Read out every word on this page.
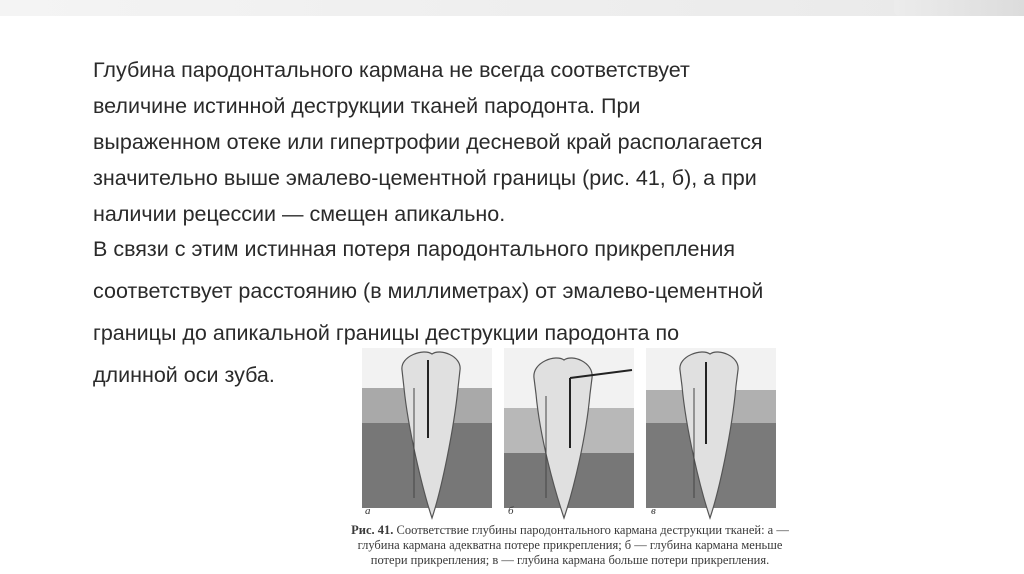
Глубина пародонтального кармана не всегда соответствует
величине истинной деструкции тканей пародонта. При
выраженном отеке или гипертрофии десневой край располагается
значительно выше эмалево-цементной границы (рис. 41, б), а при
наличии рецессии — смещен апикально.

В связи с этим истинная потеря пародонтального прикрепления
соответствует расстоянию (в миллиметрах) от эмалево-цементной
границы до апикальной границы деструкции пародонта по
длинной оси зуба.

а	б	в
Рис. 41. Соответствие глубины пародонтального кармана деструкции тканей: а — глубина кармана адекватна потере прикрепления; б — глубина кармана меньше потери прикрепления; в — глубина кармана больше потери прикрепления.
